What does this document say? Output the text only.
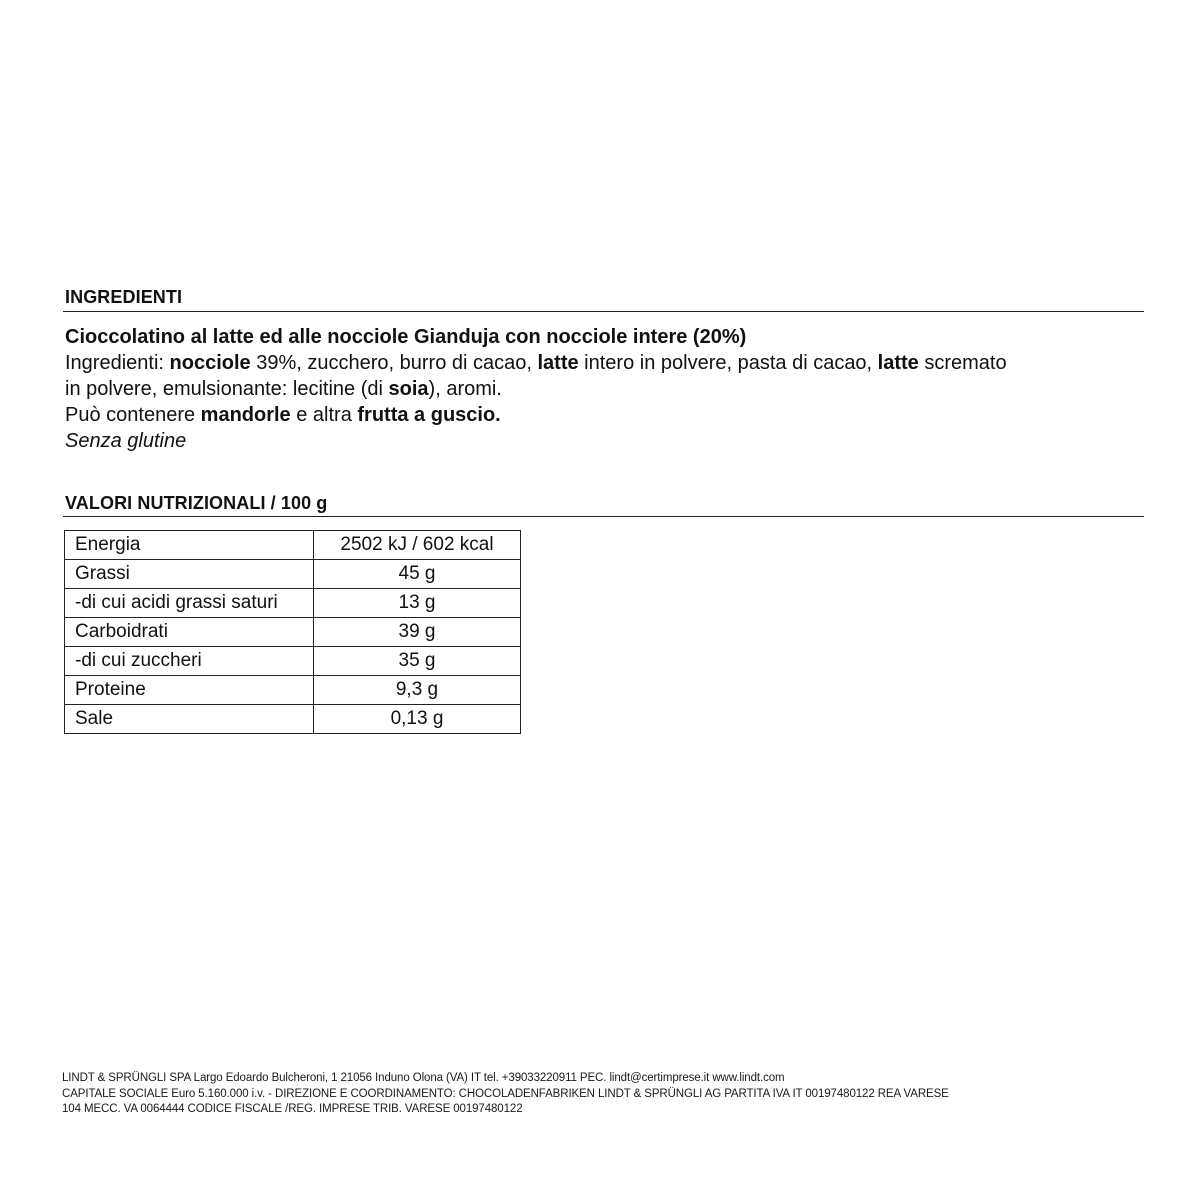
INGREDIENTI

Cioccolatino al latte ed alle nocciole Gianduja con nocciole intere (20%)

Ingredienti: nocciole 39%, zucchero, burro di cacao, latte intero in polvere, pasta di cacao, latte scremato

in polvere, emulsionante: lecitine (di soia), aromi.

Può contenere mandorle e altra frutta a guscio.

Senza glutine

VALORI NUTRIZIONALI / 100 g
Energia	2502 kJ / 602 kcal
Grassi	45 g
-di cui acidi grassi saturi	13 g
Carboidrati	39 g
-di cui zuccheri	35 g
Proteine	9,3 g
Sale	0,13 g
LINDT & SPRÜNGLI SPA Largo Edoardo Bulcheroni, 1 21056 Induno Olona (VA) IT tel. +39033220911 PEC. lindt@certimprese.it www.lindt.com
CAPITALE SOCIALE Euro 5.160.000 i.v. - DIREZIONE E COORDINAMENTO: CHOCOLADENFABRIKEN LINDT & SPRÜNGLI AG PARTITA IVA IT 00197480122 REA VARESE
104 MECC. VA 0064444 CODICE FISCALE /REG. IMPRESE TRIB. VARESE 00197480122
